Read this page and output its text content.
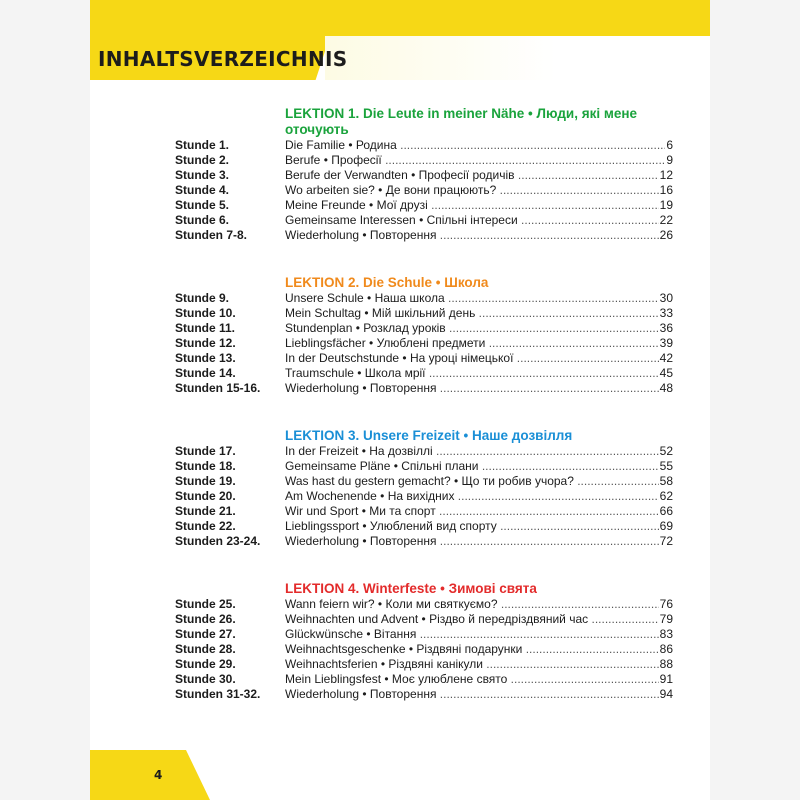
INHALTSVERZEICHNIS
LEKTION 1. Die Leute in meiner Nähe • Люди, які мене
оточують
Stunde 1.	Die Familie • Родина .....	6
Stunde 2.	Berufe • Професії .....	9
Stunde 3.	Berufe der Verwandten • Професії родичів .....	12
Stunde 4.	Wo arbeiten sie? • Де вони працюють? .....	16
Stunde 5.	Meine Freunde • Мої друзі .....	19
Stunde 6.	Gemeinsame Interessen • Спільні інтереси .....	22
Stunden 7-8.	Wiederholung • Повторення .....	26
LEKTION 2. Die Schule • Школа
Stunde 9.	Unsere Schule • Наша школа .....	30
Stunde 10.	Mein Schultag • Мій шкільний день .....	33
Stunde 11.	Stundenplan • Розклад уроків .....	36
Stunde 12.	Lieblingsfächer • Улюблені предмети .....	39
Stunde 13.	In der Deutschstunde • На уроці німецької .....	42
Stunde 14.	Traumschule • Школа мрії .....	45
Stunden 15-16.	Wiederholung • Повторення .....	48
LEKTION 3. Unsere Freizeit • Наше дозвілля
Stunde 17.	In der Freizeit • На дозвіллі .....	52
Stunde 18.	Gemeinsame Pläne • Спільні плани .....	55
Stunde 19.	Was hast du gestern gemacht? • Що ти робив учора? .....	58
Stunde 20.	Am Wochenende • На вихідних .....	62
Stunde 21.	Wir und Sport • Ми та спорт .....	66
Stunde 22.	Lieblingssport • Улюблений вид спорту .....	69
Stunden 23-24.	Wiederholung • Повторення .....	72
LEKTION 4. Winterfeste • Зимові свята
Stunde 25.	Wann feiern wir? • Коли ми святкуємо? .....	76
Stunde 26.	Weihnachten und Advent • Різдво й передріздвяний час .....	79
Stunde 27.	Glückwünsche • Вітання .....	83
Stunde 28.	Weihnachtsgeschenke • Різдвяні подарунки .....	86
Stunde 29.	Weihnachtsferien • Різдвяні канікули .....	88
Stunde 30.	Mein Lieblingsfest • Моє улюблене свято .....	91
Stunden 31-32.	Wiederholung • Повторення .....	94
4
